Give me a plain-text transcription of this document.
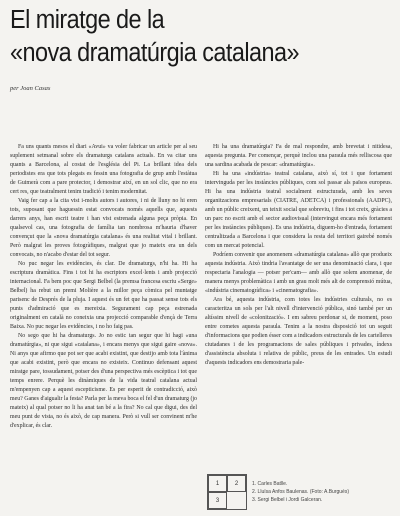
El miratge de la
«nova dramatúrgia catalana»
per Joan Casas

Fa uns quants mesos el diari «Avui» va voler fabricar un article per al seu suplement setmanal sobre els dramaturgs catalans actuals. En va citar uns quants a Barcelona, al costat de l'església del Pi. La brillant idea dels periodistes era que tots plegats es fessin una fotografia de grup amb l'estàtua de Guimerà com a pare protector, i demostrar així, en un sol clic, que no era cert res, que teatralment tenim tradició i tenim modernitat.

Vaig fer cap a la cita vist i-molts autors i autores, i ni de lluny no hi eren tots, suposant que haguessin estat convocats només aquells que, aquests darrers anys, han escrit teatre i han vist estrenada alguna peça pròpia. En qualsevol cas, una fotografia de família tan nombrosa m'hauria d'haver convençut que la «nova dramatúrgia catalana» és una realitat vital i brillant. Però malgrat les proves fotogràfiques, malgrat que jo mateix era un dels convocats, no n'acabo d'estar del tot segur.

No puc negar les evidències, és clar. De dramaturgs, n'hi ha. Hi ha escriptura dramàtica. Fins i tot hi ha escriptors excel·lents i amb projecció internacional. Fa bem poc que Sergi Belbel (la premsa francesa escriu «Serge» Belbel) ha rebut un premi Molière a la millor peça còmica pel muntatge parisenc de Després de la pluja. I aquest és un fet que ha passat sense tots els punts d'admiració que es mereixia. Segurament cap peça estrenada originalment en català no coneixia una projecció comparable d'ençà de Terra Baixa. No puc negar les evidències, i no ho faig pas.

No sego que hi ha dramaturgs. Jo no estic tan segur que hi hagi «una dramatúrgia», ni que sigui «catalana», i encara menys que sigui gaire «nova». Ni anys que afirmo que pot ser que acabi existint, que destijo amb tota l'ànima que acabi existint, però que encara no existeix. Continuo defensant aquest miratge pare, tossudament, potser des d'una perspectiva més escèptica i tot que temps enrere. Perquè les dinàmiques de la vida teatral catalana actual m'empenyen cap a aquest escepticisme. Es per esperit de contradicció, això meu? Ganes d'aigualir la festa? Parla per la meva boca el fel d'un dramaturg (jo mateix) al qual potser no li ha anat tan bé a la fira? No cal que digui, des del meu punt de vista, no és això, de cap manera. Però si vull ser convinent m'he d'explicar, és clar.

Hi ha una dramatúrgia? Fa de mal respondre, amb brevetat i nitidesa, aquesta pregunta. Per començar, perquè inclou una paraula més relliscosa que una sardina acabada de pescar: «dramatúrgia».

Hi ha una «indústria» teatral catalana, això sí, tot i que fortament intervinguda per les instàncies públiques, com sol passar als països europeus. Hi ha una indústria teatral socialment estructurada, amb les seves organitzacions empresarials (CIATRE, ADETCA) i professionals (AADPC), amb un públic creixent, un teixit social que sobreviu, i fins i tot creix, gràcies a un parc no escrit amb el sector audiovisual (intervingut encara més fortament per les instàncies públiques). Es una indústria, diguem-ho d'entrada, fortament centralitzada a Barcelona i que considera la resta del territori gairebé només com un mercat potencial.

Podríem convenir que anomenem «dramatúrgia catalana» allò que produeix aquesta indústria. Això tindria l'avantatge de ser una denominació clara, i que respectaria l'analogia — potser per'cam— amb allò que solem anomenar, de manera menys problemàtica i amb un grau molt més alt de comprensió mútua, «indústria cinematogràfica» i «cinematografia».

Ara bé, aquesta indústria, com totes les indústries culturals, no es caracteritza un sols per l'alt nivell d'intervenció pública, sinó també per un altíssim nivell de «colonització». I em sabreu perdonar si, de moment, poso entre cometes aquesta paraula. Tenim a la nostra disposició tot un seguit d'informacions que podien ésser com a indicadors estructurals de les cartelleres ciutadanes i de les programacions de sales públiques i privades, índexs d'assistència absoluta i relativa de públic, preus de les entrades. Un estudi d'aquests indicadors ens demostraria pale-

1	2
3
1. Carles Batlle.
2. Lluïsa Anfos Baulenas. (Foto: A.Burgués)
3. Sergi Belbel i Jordi Galceran.
